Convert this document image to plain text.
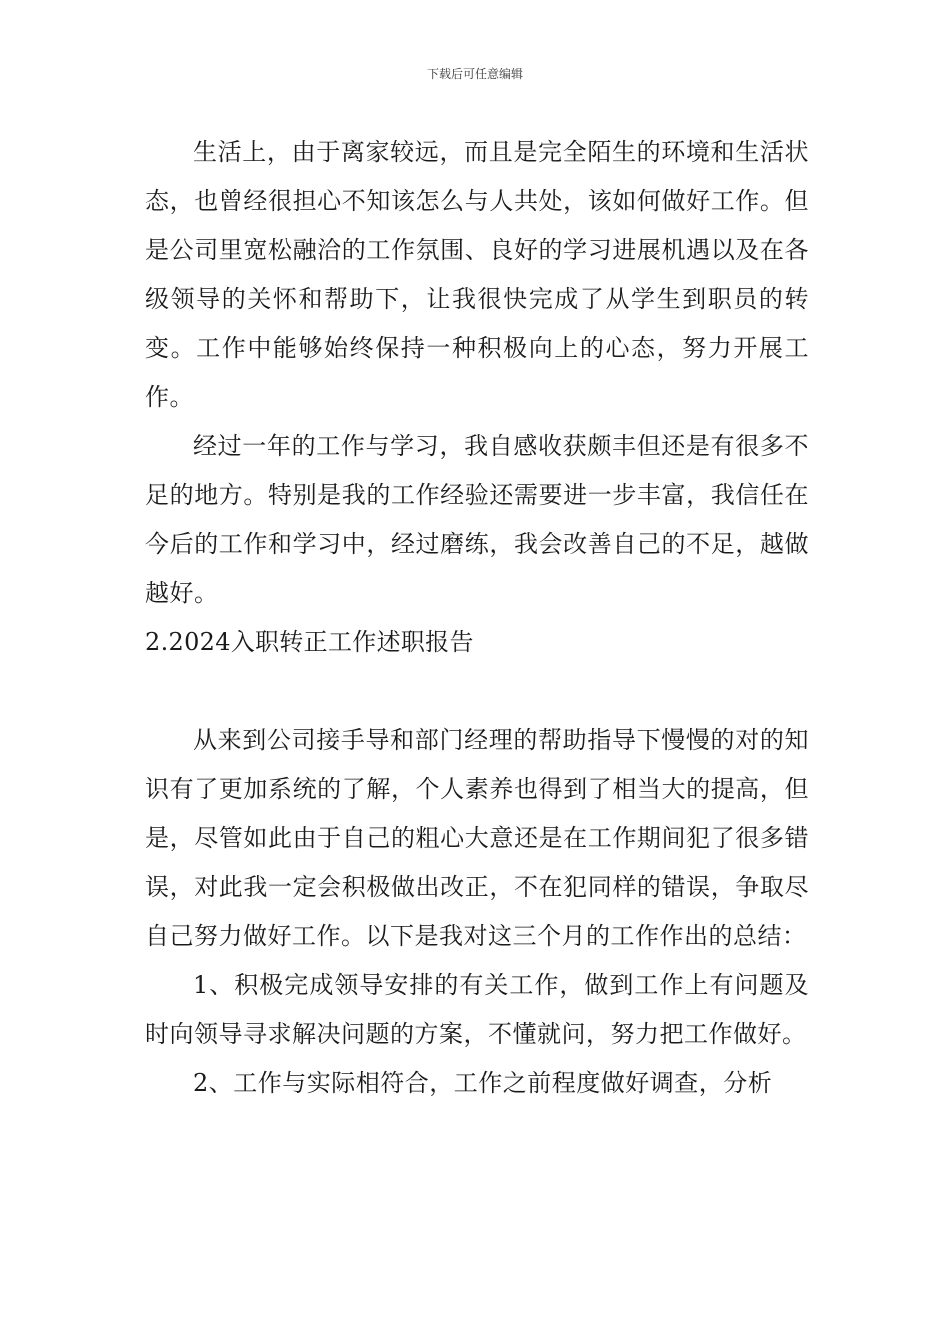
下载后可任意编辑

生活上，由于离家较远，而且是完全陌生的环境和生活状态，也曾经很担心不知该怎么与人共处，该如何做好工作。但是公司里宽松融洽的工作氛围、良好的学习进展机遇以及在各级领导的关怀和帮助下，让我很快完成了从学生到职员的转变。工作中能够始终保持一种积极向上的心态，努力开展工作。

经过一年的工作与学习，我自感收获颇丰但还是有很多不足的地方。特别是我的工作经验还需要进一步丰富，我信任在今后的工作和学习中，经过磨练，我会改善自己的不足，越做越好。

2.2024入职转正工作述职报告

从来到公司接手导和部门经理的帮助指导下慢慢的对的知识有了更加系统的了解，个人素养也得到了相当大的提高，但是，尽管如此由于自己的粗心大意还是在工作期间犯了很多错误，对此我一定会积极做出改正，不在犯同样的错误，争取尽自己努力做好工作。以下是我对这三个月的工作作出的总结：

1、积极完成领导安排的有关工作，做到工作上有问题及时向领导寻求解决问题的方案，不懂就问，努力把工作做好。

2、工作与实际相符合，工作之前程度做好调查，分析
